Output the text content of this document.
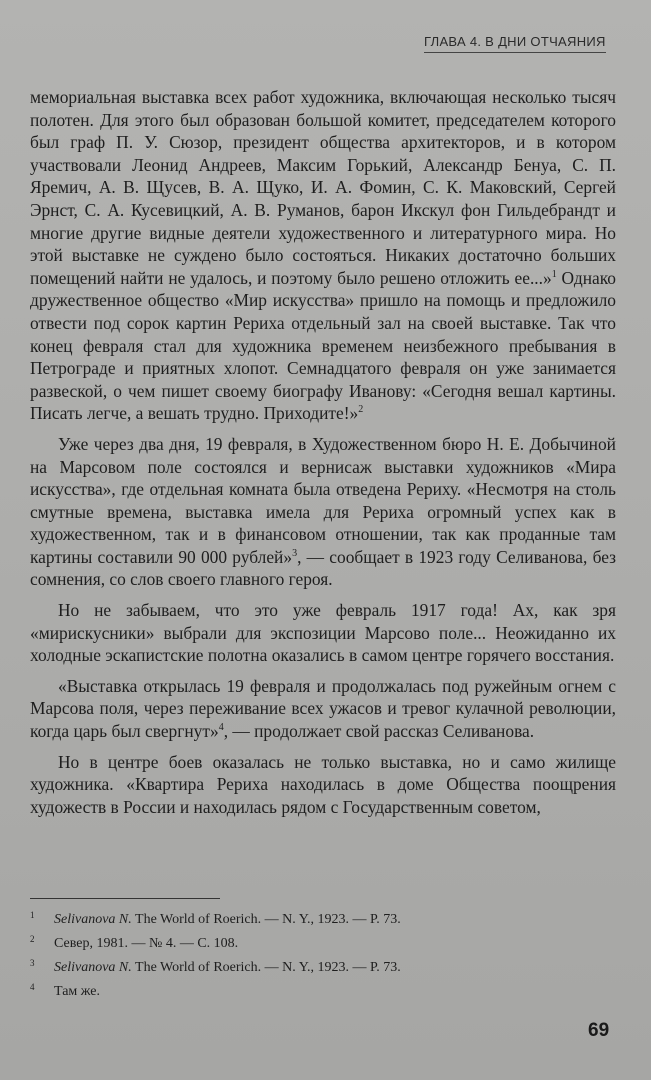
ГЛАВА 4. В ДНИ ОТЧАЯНИЯ

мемориальная выставка всех работ художника, включающая несколько тысяч полотен. Для этого был образован большой комитет, председателем которого был граф П. У. Сюзор, президент общества архитекторов, и в котором участвовали Леонид Андреев, Максим Горький, Александр Бенуа, С. П. Яремич, А. В. Щусев, В. А. Щуко, И. А. Фомин, С. К. Маковский, Сергей Эрнст, С. А. Кусевицкий, А. В. Руманов, барон Икскул фон Гильдебрандт и многие другие видные деятели художественного и литературного мира. Но этой выставке не суждено было состояться. Никаких достаточно больших помещений найти не удалось, и поэтому было решено отложить ее...»$^1$ Однако дружественное общество «Мир искусства» пришло на помощь и предложило отвести под сорок картин Рериха отдельный зал на своей выставке. Так что конец февраля стал для художника временем неизбежного пребывания в Петрограде и приятных хлопот. Семнадцатого февраля он уже занимается развеской, о чем пишет своему биографу Иванову: «Сегодня вешал картины. Писать легче, а вешать трудно. Приходите!»$^2$

Уже через два дня, 19 февраля, в Художественном бюро Н. Е. Добычиной на Марсовом поле состоялся и вернисаж выставки художников «Мира искусства», где отдельная комната была отведена Рериху. «Несмотря на столь смутные времена, выставка имела для Рериха огромный успех как в художественном, так и в финансовом отношении, так как проданные там картины составили 90 000 рублей»$^3$, — сообщает в 1923 году Селиванова, без сомнения, со слов своего главного героя.

Но не забываем, что это уже февраль 1917 года! Ах, как зря «мирискусники» выбрали для экспозиции Марсово поле... Неожиданно их холодные эскапистские полотна оказались в самом центре горячего восстания.

«Выставка открылась 19 февраля и продолжалась под ружейным огнем с Марсова поля, через переживание всех ужасов и тревог кулачной революции, когда царь был свергнут»$^4$, — продолжает свой рассказ Селиванова.

Но в центре боев оказалась не только выставка, но и само жилище художника. «Квартира Рериха находилась в доме Общества поощрения художеств в России и находилась рядом с Государственным советом,

1	Selivanova N. The World of Roerich. — N. Y., 1923. — P. 73.
2	Север, 1981. — № 4. — С. 108.
3	Selivanova N. The World of Roerich. — N. Y., 1923. — P. 73.
4	Там же.
69
